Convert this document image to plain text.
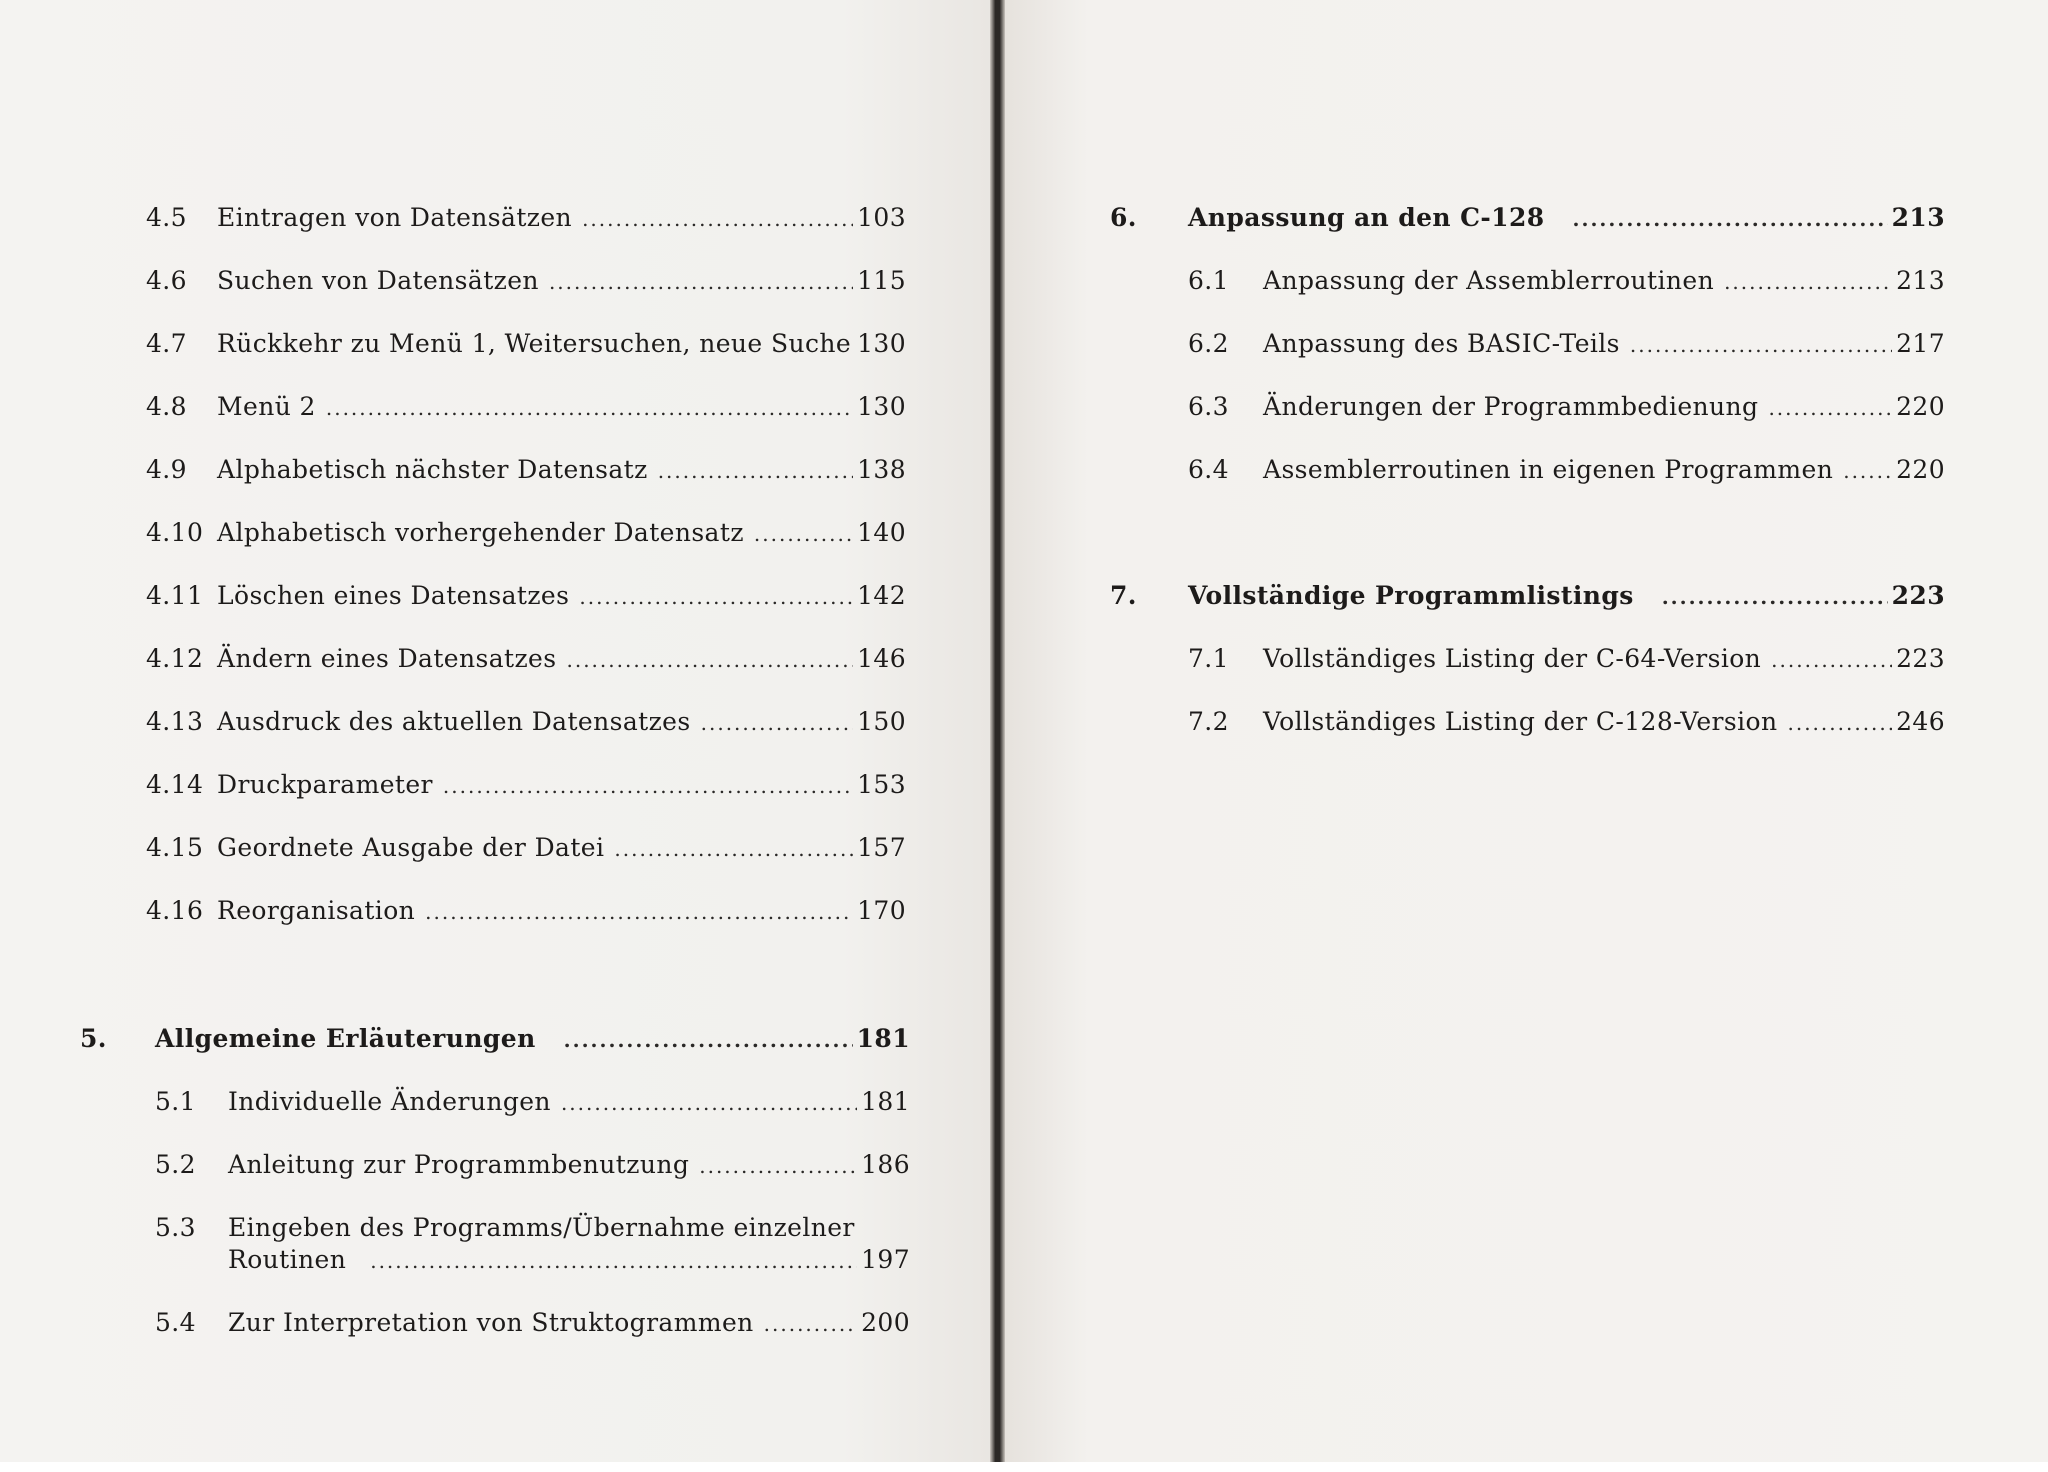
4.5	Eintragen von Datensätzen .....	103
4.6	Suchen von Datensätzen .....	115
4.7	Rückkehr zu Menü 1, Weitersuchen, neue Suche 130
4.8	Menü 2 .....	130
4.9	Alphabetisch nächster Datensatz .....	138
4.10 Alphabetisch vorhergehender Datensatz .....	140
4.11 Löschen eines Datensatzes .....	142
4.12 Ändern eines Datensatzes .....	146
4.13 Ausdruck des aktuellen Datensatzes .....	150
4.14 Druckparameter .....	153
4.15 Geordnete Ausgabe der Datei .....	157
4.16 Reorganisation .....	170
5.	Allgemeine Erläuterungen .....	181
5.1	Individuelle Änderungen .....	181
5.2	Anleitung zur Programmbenutzung .....	186
5.3	Eingeben des Programms/Übernahme einzelner
Routinen .....	197
5.4	Zur Interpretation von Struktogrammen .....	200
6.	Anpassung an den C-128 .....	213
6.1	Anpassung der Assemblerroutinen .....	213
6.2	Anpassung des BASIC-Teils .....	217
6.3	Änderungen der Programmbedienung .....	220
6.4	Assemblerroutinen in eigenen Programmen .....	220
7.	Vollständige Programmlistings .....	223
7.1	Vollständiges Listing der C-64-Version .....	223
7.2	Vollständiges Listing der C-128-Version .....	246
